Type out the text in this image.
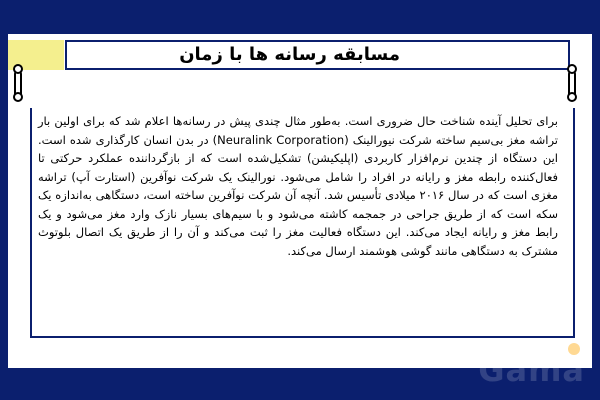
مسابقه رسانه ها با زمان

برای تحلیل آینده شناخت حال ضروری است. به‌طور مثال چندی پیش در رسانه‌ها اعلام شد که برای اولین بار تراشه مغز بی‌سیم ساخته شرکت نیورالینک (Neuralink Corporation) در بدن انسان کارگذاری شده است. این دستگاه از چندین نرم‌افزار کاربردی (اپلیکیشن) تشکیل‌شده است که از بازگرداننده عملکرد حرکتی تا فعال‌کننده رابطه مغز و رایانه در افراد را شامل می‌شود. نورالینک یک شرکت نوآفرین (استارت آپ) تراشه مغزی است که در سال ۲۰۱۶ میلادی تأسیس شد. آنچه آن شرکت نوآفرین ساخته است، دستگاهی به‌اندازه یک سکه است که از طریق جراحی در جمجمه کاشته می‌شود و با سیم‌های بسیار نازک وارد مغز می‌شود و یک رابط مغز و رایانه ایجاد می‌کند. این دستگاه فعالیت مغز را ثبت می‌کند و آن را از طریق یک اتصال بلوتوث مشترک به دستگاهی مانند گوشی هوشمند ارسال می‌کند.

Gama
